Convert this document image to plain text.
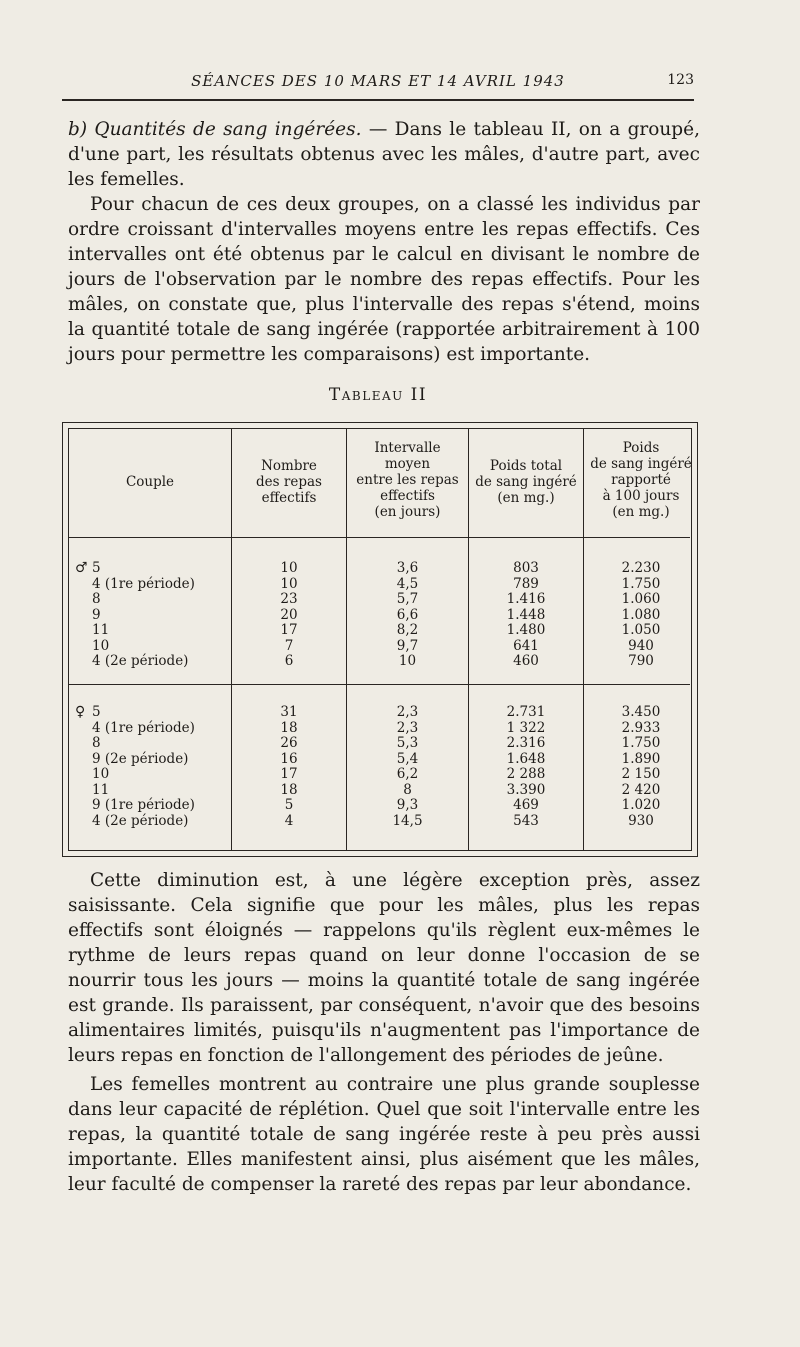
SÉANCES DES 10 MARS ET 14 AVRIL 1943	123

b) Quantités de sang ingérées. — Dans le tableau II, on a groupé, d'une part, les résultats obtenus avec les mâles, d'autre part, avec les femelles.

Pour chacun de ces deux groupes, on a classé les individus par ordre croissant d'intervalles moyens entre les repas effectifs. Ces intervalles ont été obtenus par le calcul en divisant le nombre de jours de l'observation par le nombre des repas effectifs. Pour les mâles, on constate que, plus l'intervalle des repas s'étend, moins la quantité totale de sang ingérée (rapportée arbitrairement à 100 jours pour permettre les comparaisons) est importante.

Tableau II
Couple
Nombre
des repas
effectifs
Intervalle
moyen
entre les repas
effectifs
(en jours)
Poids total
de sang ingéré
(en mg.)
Poids
de sang ingéré
rapporté
à 100 jours
(en mg.)
♂ 5
4 (1re période)
8
9
11
10
4 (2e période)
10
10
23
20
17
7
6
3,6
4,5
5,7
6,6
8,2
9,7
10
803
789
1.416
1.448
1.480
641
460
2.230
1.750
1.060
1.080
1.050
940
790
♀ 5
4 (1re période)
8
9 (2e période)
10
11
9 (1re période)
4 (2e période)
31
18
26
16
17
18
5
4
2,3
2,3
5,3
5,4
6,2
8
9,3
14,5
2.731
1 322
2.316
1.648
2 288
3.390
469
543
3.450
2.933
1.750
1.890
2 150
2 420
1.020
930

Cette diminution est, à une légère exception près, assez saisissante. Cela signifie que pour les mâles, plus les repas effectifs sont éloignés — rappelons qu'ils règlent eux-mêmes le rythme de leurs repas quand on leur donne l'occasion de se nourrir tous les jours — moins la quantité totale de sang ingérée est grande. Ils paraissent, par conséquent, n'avoir que des besoins alimentaires limités, puisqu'ils n'augmentent pas l'importance de leurs repas en fonction de l'allongement des périodes de jeûne.

Les femelles montrent au contraire une plus grande souplesse dans leur capacité de réplétion. Quel que soit l'intervalle entre les repas, la quantité totale de sang ingérée reste à peu près aussi importante. Elles manifestent ainsi, plus aisément que les mâles, leur faculté de compenser la rareté des repas par leur abondance.
